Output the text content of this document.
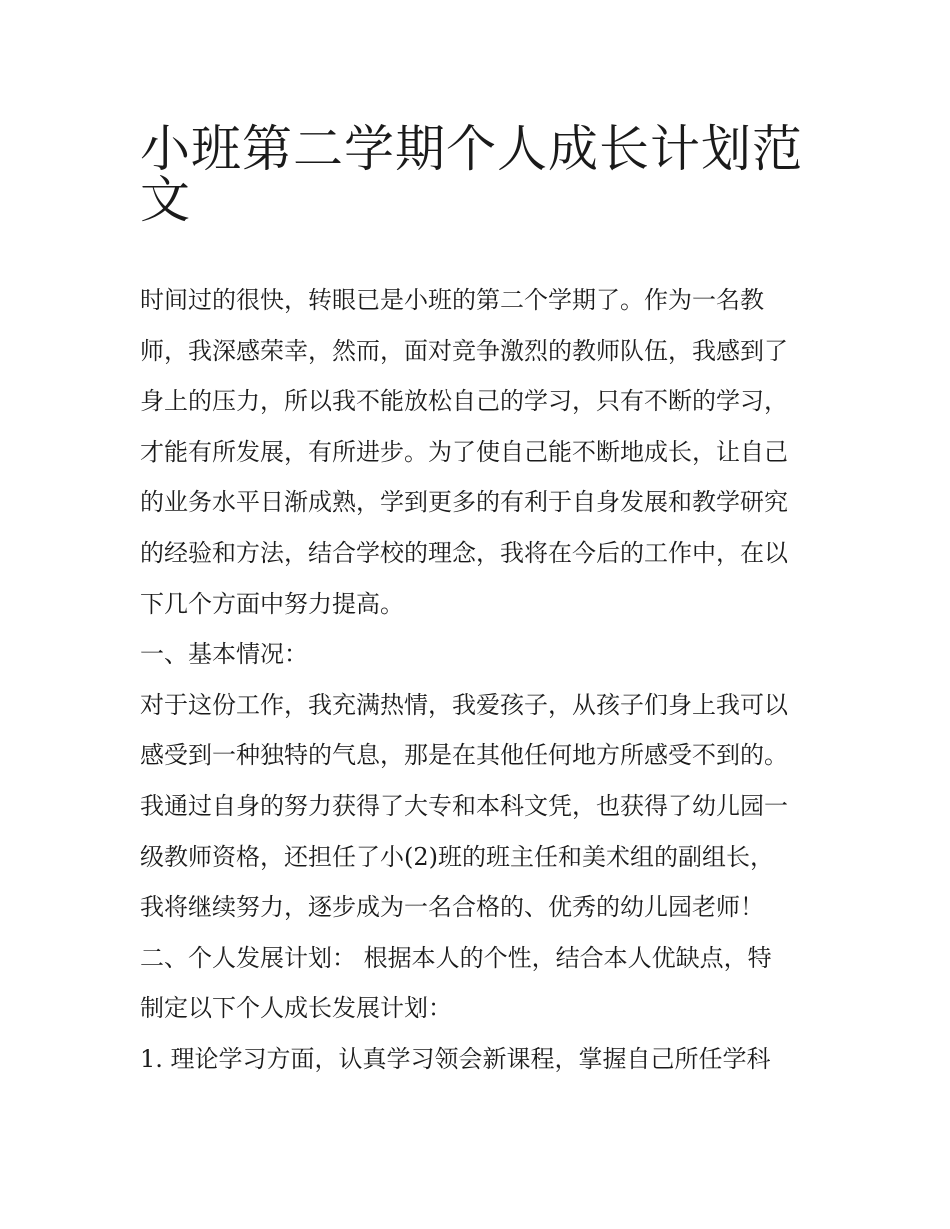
小班第二学期个人成长计划范
文
时间过的很快，转眼已是小班的第二个学期了。作为一名教
师，我深感荣幸，然而，面对竞争激烈的教师队伍，我感到了
身上的压力，所以我不能放松自己的学习，只有不断的学习，
才能有所发展，有所进步。为了使自己能不断地成长，让自己
的业务水平日渐成熟，学到更多的有利于自身发展和教学研究
的经验和方法，结合学校的理念，我将在今后的工作中，在以
下几个方面中努力提高。
一、基本情况：
对于这份工作，我充满热情，我爱孩子，从孩子们身上我可以
感受到一种独特的气息，那是在其他任何地方所感受不到的。
我通过自身的努力获得了大专和本科文凭，也获得了幼儿园一
级教师资格，还担任了小(2)班的班主任和美术组的副组长，
我将继续努力，逐步成为一名合格的、优秀的幼儿园老师！
二、个人发展计划： 根据本人的个性，结合本人优缺点，特
制定以下个人成长发展计划：
1. 理论学习方面，认真学习领会新课程，掌握自己所任学科
